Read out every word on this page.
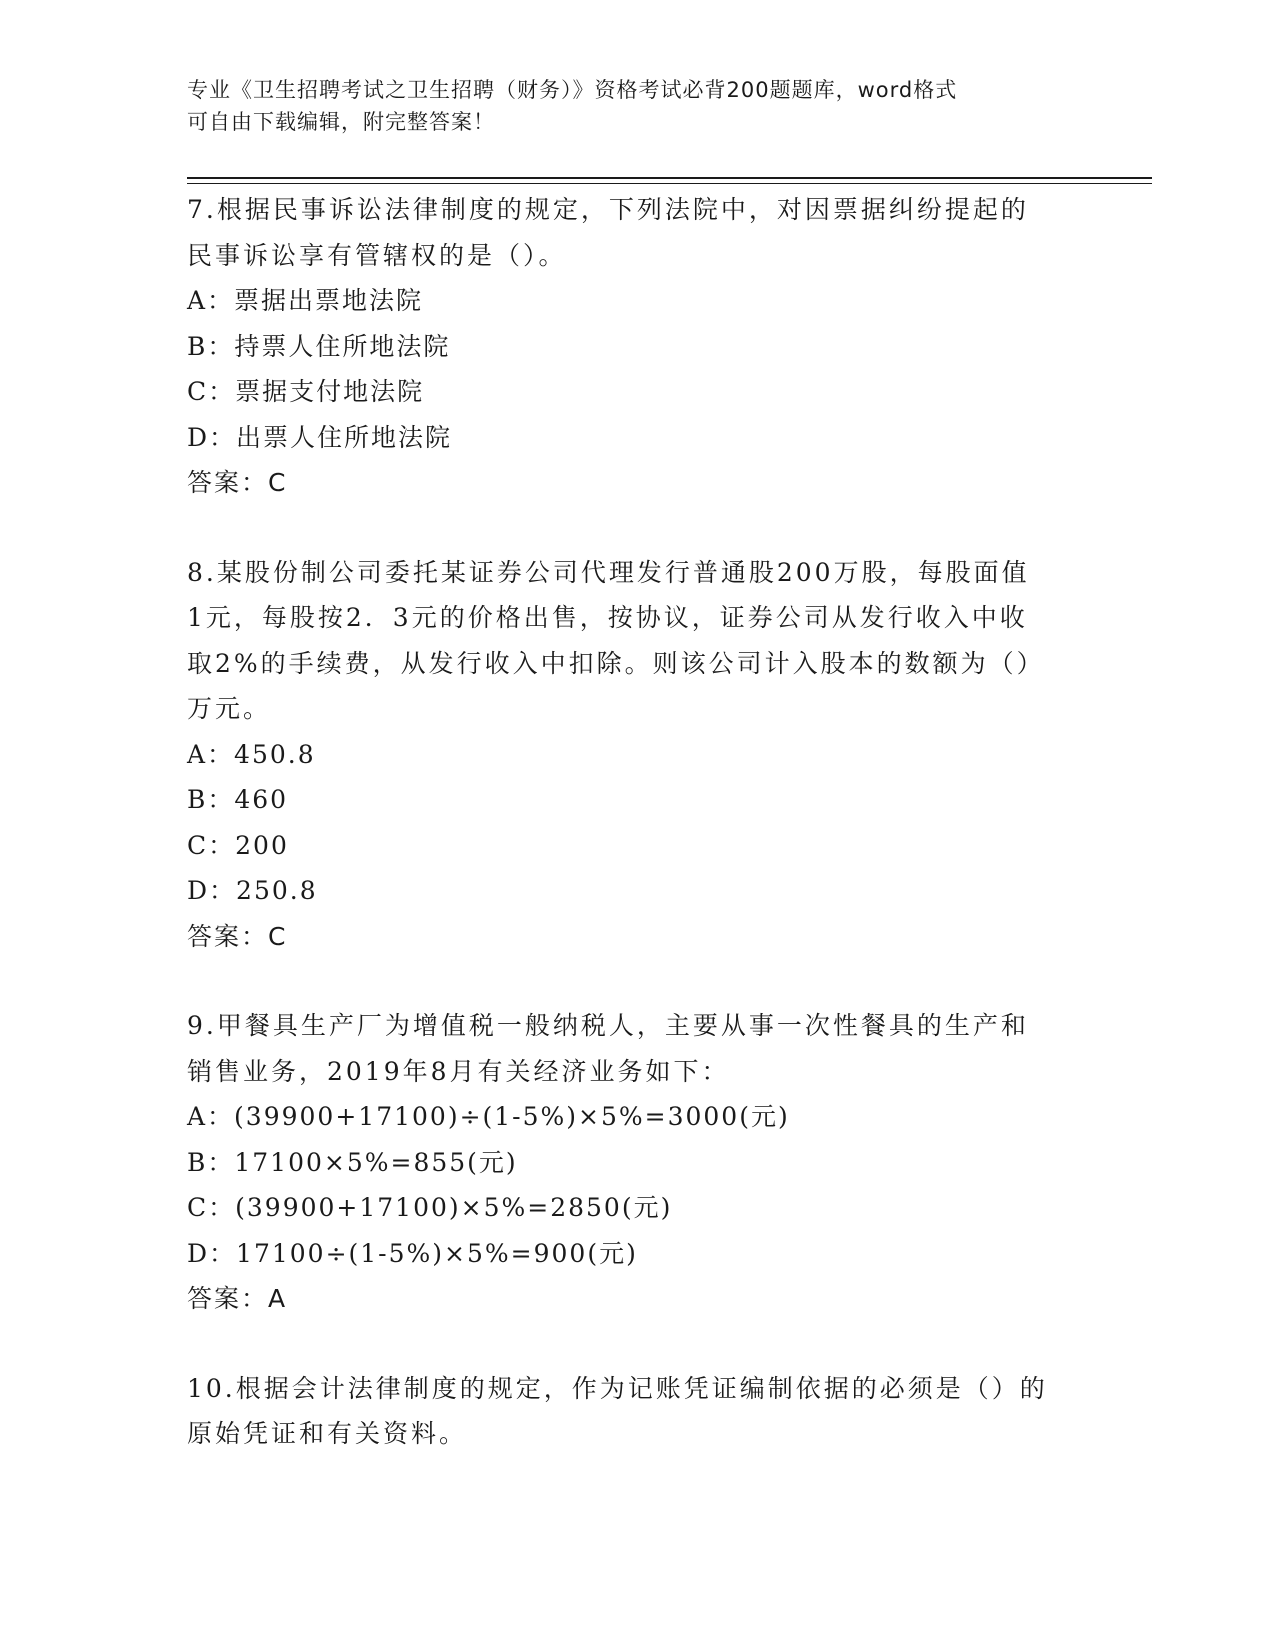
专业《卫生招聘考试之卫生招聘（财务）》资格考试必背200题题库，word格式
可自由下载编辑，附完整答案！
7.根据民事诉讼法律制度的规定，下列法院中，对因票据纠纷提起的
民事诉讼享有管辖权的是（）。
A：票据出票地法院
B：持票人住所地法院
C：票据支付地法院
D：出票人住所地法院
答案：C
8.某股份制公司委托某证券公司代理发行普通股200万股，每股面值
1元，每股按2．3元的价格出售，按协议，证券公司从发行收入中收
取2%的手续费，从发行收入中扣除。则该公司计入股本的数额为（）
万元。
A：450.8
B：460
C：200
D：250.8
答案：C
9.甲餐具生产厂为增值税一般纳税人，主要从事一次性餐具的生产和
销售业务，2019年8月有关经济业务如下：
A：(39900+17100)÷(1-5%)×5%=3000(元)
B：17100×5%=855(元)
C：(39900+17100)×5%=2850(元)
D：17100÷(1-5%)×5%=900(元)
答案：A
10.根据会计法律制度的规定，作为记账凭证编制依据的必须是（）的
原始凭证和有关资料。
